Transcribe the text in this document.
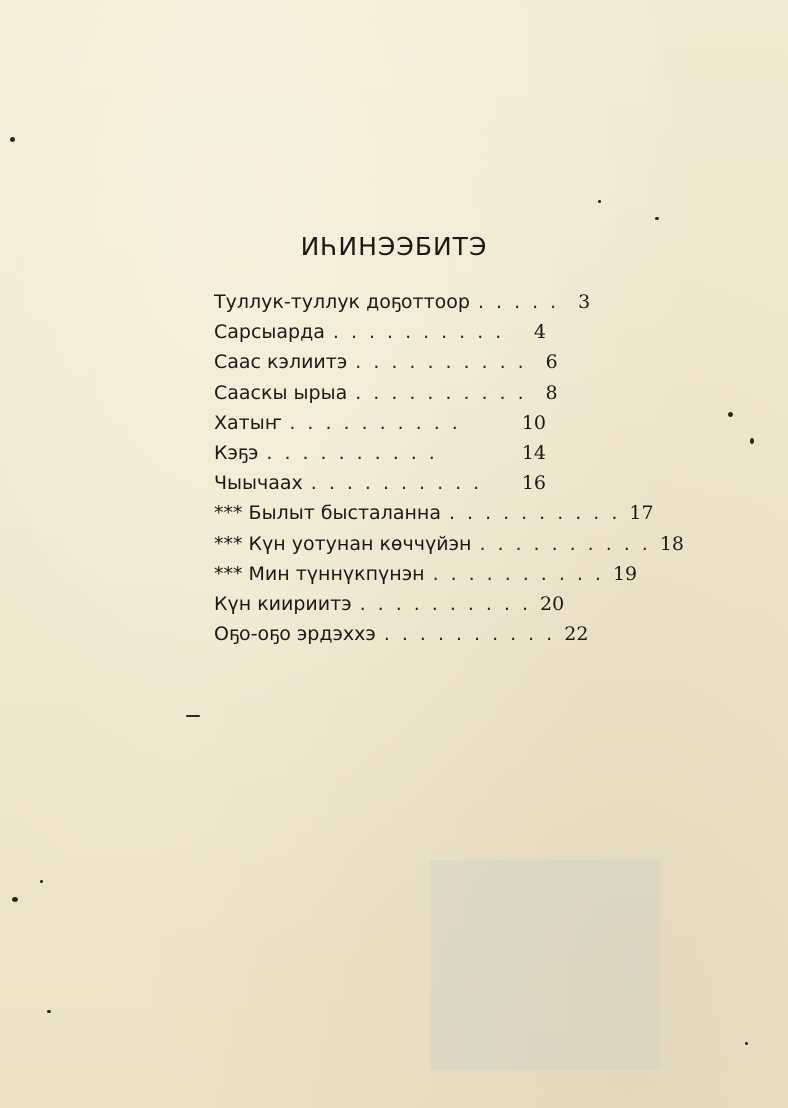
ИҺИНЭЭБИТЭ
Туллук-туллук доҕоттоор ..... 3
Сарсыарда ..........	4
Саас кэлиитэ .......... 6
Сааскы ырыа .......... 8
Хатыҥ ..........	10
Кэҕэ ..........	14
Чыычаах ..........	16
*** Былыт бысталанна .......... 17
*** Күн уотунан көччүйэн .......... 18
*** Мин түннүкпүнэн .......... 19
Күн киириитэ .......... 20
Оҕо-оҕо эрдэххэ .......... 22
